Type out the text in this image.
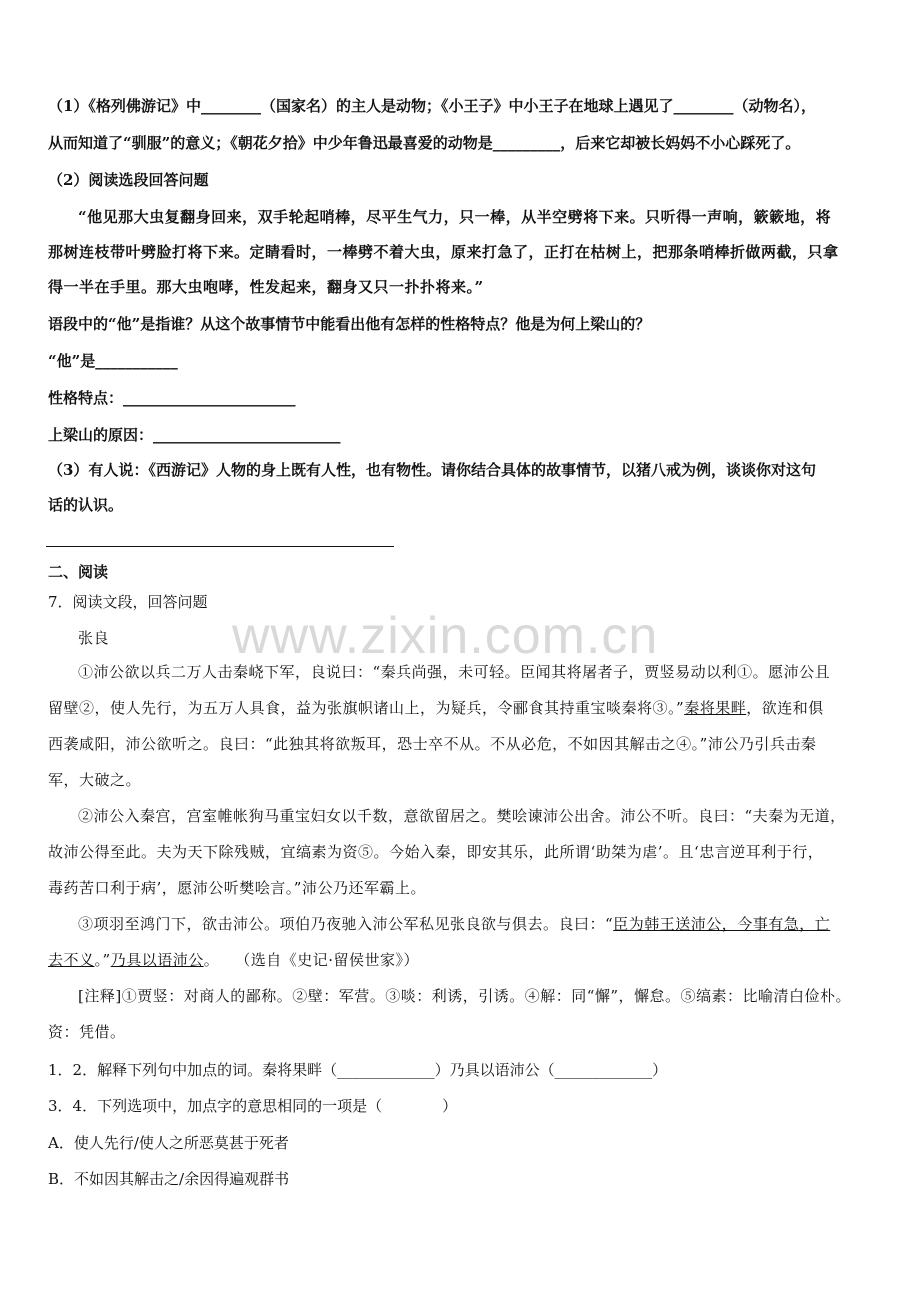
（1）《格列佛游记》中________（国家名）的主人是动物；《小王子》中小王子在地球上遇见了________（动物名），
从而知道了“驯服”的意义；《朝花夕拾》中少年鲁迅最喜爱的动物是_________，后来它却被长妈妈不小心踩死了。
（2）阅读选段回答问题
“他见那大虫复翻身回来，双手轮起哨棒，尽平生气力，只一棒，从半空劈将下来。只听得一声响，簌簌地，将
那树连枝带叶劈脸打将下来。定睛看时，一棒劈不着大虫，原来打急了，正打在枯树上，把那条哨棒折做两截，只拿
得一半在手里。那大虫咆哮，性发起来，翻身又只一扑扑将来。”
语段中的“他”是指谁？从这个故事情节中能看出他有怎样的性格特点？他是为何上梁山的？
“他”是___________
性格特点：_______________________
上梁山的原因：_________________________
（3）有人说：《西游记》人物的身上既有人性，也有物性。请你结合具体的故事情节，以猪八戒为例，谈谈你对这句
话的认识。
二、阅读
7．阅读文段，回答问题
张良
①沛公欲以兵二万人击秦峣下军，良说曰：“秦兵尚强，未可轻。臣闻其将屠者子，贾竖易动以利①。愿沛公且
留壁②，使人先行，为五万人具食，益为张旗帜诸山上，为疑兵，令郦食其持重宝啖秦将③。”秦将果畔，欲连和俱
西袭咸阳，沛公欲听之。良曰：“此独其将欲叛耳，恐士卒不从。不从必危，不如因其解击之④。”沛公乃引兵击秦
军，大破之。
②沛公入秦宫，宫室帷帐狗马重宝妇女以千数，意欲留居之。樊哙谏沛公出舍。沛公不听。良曰：“夫秦为无道，
故沛公得至此。夫为天下除残贼，宜缟素为资⑤。今始入秦，即安其乐，此所谓‘助桀为虐’。且‘忠言逆耳利于行，
毒药苦口利于病’，愿沛公听樊哙言。”沛公乃还军霸上。
③项羽至鸿门下，欲击沛公。项伯乃夜驰入沛公军私见张良欲与俱去。良曰：“臣为韩王送沛公，今事有急，亡
去不义。”乃具以语沛公。　　（选自《史记·留侯世家》）
[注释]①贾竖：对商人的鄙称。②壁：军营。③啖：利诱，引诱。④解：同“懈”，懈怠。⑤缟素：比喻清白俭朴。
资：凭借。
1．2．解释下列句中加点的词。秦将果畔（_____________）乃具以语沛公（_____________）
3．4．下列选项中，加点字的意思相同的一项是（　　　　）
A．使人先行/使人之所恶莫甚于死者
B．不如因其解击之/余因得遍观群书
www.zixin.com.cn
